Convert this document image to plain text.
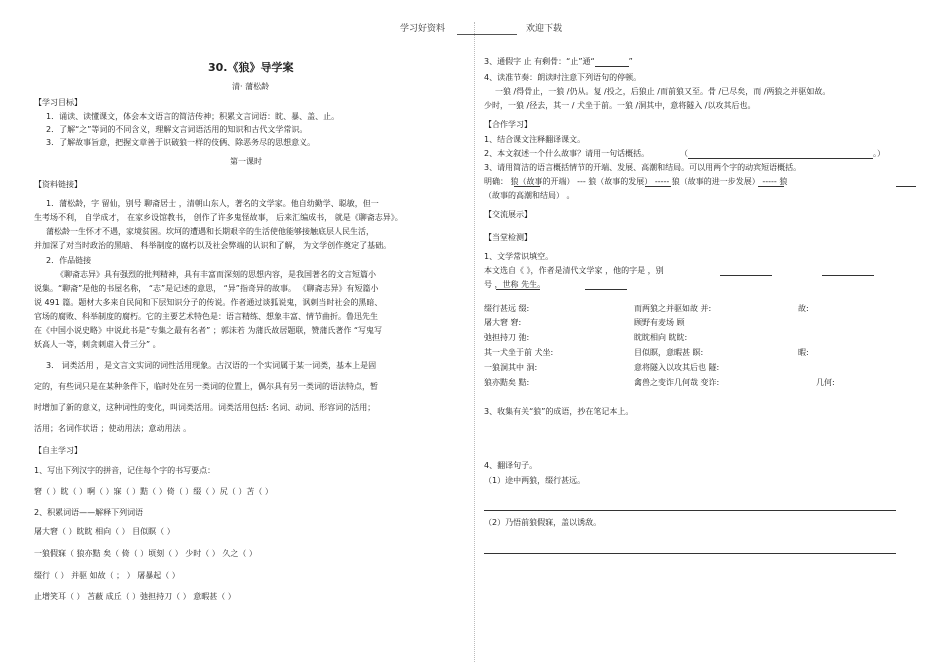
学习好资料	欢迎下载
30.《狼》导学案
清· 蒲松龄
【学习目标】
1．诵读、读懂课文，体会本文语言的简洁传神；积累文言词语：眈、暴、盖、止。
2．了解“之”等词的不同含义，理解文言词语活用的知识和古代文学常识。
3．了解故事旨意，把握文章善于识破狼一样的伎俩、除恶务尽的思想意义。
第一课时
【资料链接】
1．蒲松龄，字 留仙，别号 聊斋居士 ，清朝山东人，著名的文学家。他自幼勤学、聪敏，但一
生考场不利， 自学成才， 在家乡设馆教书， 创作了许多鬼怪故事， 后来汇编成书， 就是《聊斋志异》。
蒲松龄一生怀才不遇，家境贫困。坎坷的遭遇和长期艰辛的生活使他能够接触底层人民生活，
并加深了对当时政治的黑暗、 科举制度的腐朽以及社会弊端的认识和了解， 为文学创作奠定了基础。
2．作品链接
《聊斋志异》具有强烈的批判精神，具有丰富而深刻的思想内容，是我国著名的文言短篇小
说集。“聊斋”是他的书屋名称， “志”是记述的意思， “异”指奇异的故事。 《聊斋志异》有短篇小
说 491 篇。题材大多来自民间和下层知识分子的传说。作者通过谈狐说鬼，讽刺当时社会的黑暗、
官场的腐败、科举制度的腐朽。它的主要艺术特色是：语言精练、想象丰富、情节曲折。鲁迅先生
在《中国小说史略》中说此书是“专集之最有名者” ；郭沫若 为蒲氏故居题联，赞蒲氏著作 “写鬼写
妖高人一等，刺贪刺虐入骨三分” 。
3． 词类活用 ，是文言文实词的词性活用现象。古汉语的一个实词属于某一词类，基本上是固
定的，有些词只是在某种条件下，临时处在另一类词的位置上，偶尔具有另一类词的语法特点，暂
时增加了新的意义，这种词性的变化，叫词类活用。词类活用包括: 名词、动词、形容词的活用；
活用；名词作状语 ；使动用法；意动用法 。
【自主学习】
1、写出下列汉字的拼音，记住每个字的书写要点：
窘（ ）眈（ ）啊（ ）寐（ ）黠（ ）倚（ ）缀（ ）尻（ ）苫（ ）
2、积累词语——解释下列词语
屠大窘（ ）眈眈 相向（ ） 目似瞑（ ）
一狼假寐（ 狼亦黠 矣（ 倚（ ）顷刻（ ） 少时（ ） 久之（ ）
缀行（ ） 并驱 如故（ ； ） 屠暴起（ ）
止增笑耳（ ） 苫蔽 成丘（ ）弛担持刀（ ） 意暇甚（ ）
3、通假字 止 有剩骨：“止”通“	”
4、读准节奏：朗读时注意下列语句的停顿。
一狼 /得骨止，一狼 /仍从。复 /投之，后狼止 /而前狼又至。骨 /已尽矣，而 /两狼之并驱如故。
少时，一狼 /径去，其一 / 犬坐于前。一狼 /洞其中，意将隧入 /以攻其后也。
【合作学习】
1、结合课文注释翻译课文。
2、本文叙述一个什么故事？请用一句话概括。	（	。）
3、请用简洁的语言概括情节的开端、发展、高潮和结局。可以用两个字的动宾短语概括。
明确： 狼（故事的开端） --- 狼（故事的发展） ----- 狼（故事的进一步发展） ----- 狼
（故事的高潮和结局） 。
【交流展示】
【当堂检测】
1、文学常识填空。
本文选自《 》，作者是清代文学家 ，他的字是 ，别
号 ，世称 先生。
缀行甚远 缀:	而两狼之并驱如故 并:	故:
屠大窘 窘:	顾野有麦场 顾
弛担持刀 弛:	眈眈相向 眈眈:
其一犬坐于前 犬坐:	目似瞑，意暇甚 瞑:	暇:
一狼洞其中 洞:	意将隧入以攻其后也 隧:
狼亦黠矣 黠:	禽兽之变诈几何哉 变诈:	几何:
3、收集有关“狼”的成语，抄在笔记本上。
4、翻译句子。
（1）途中两狼，缀行甚远。
（2）乃悟前狼假寐，盖以诱敌。
